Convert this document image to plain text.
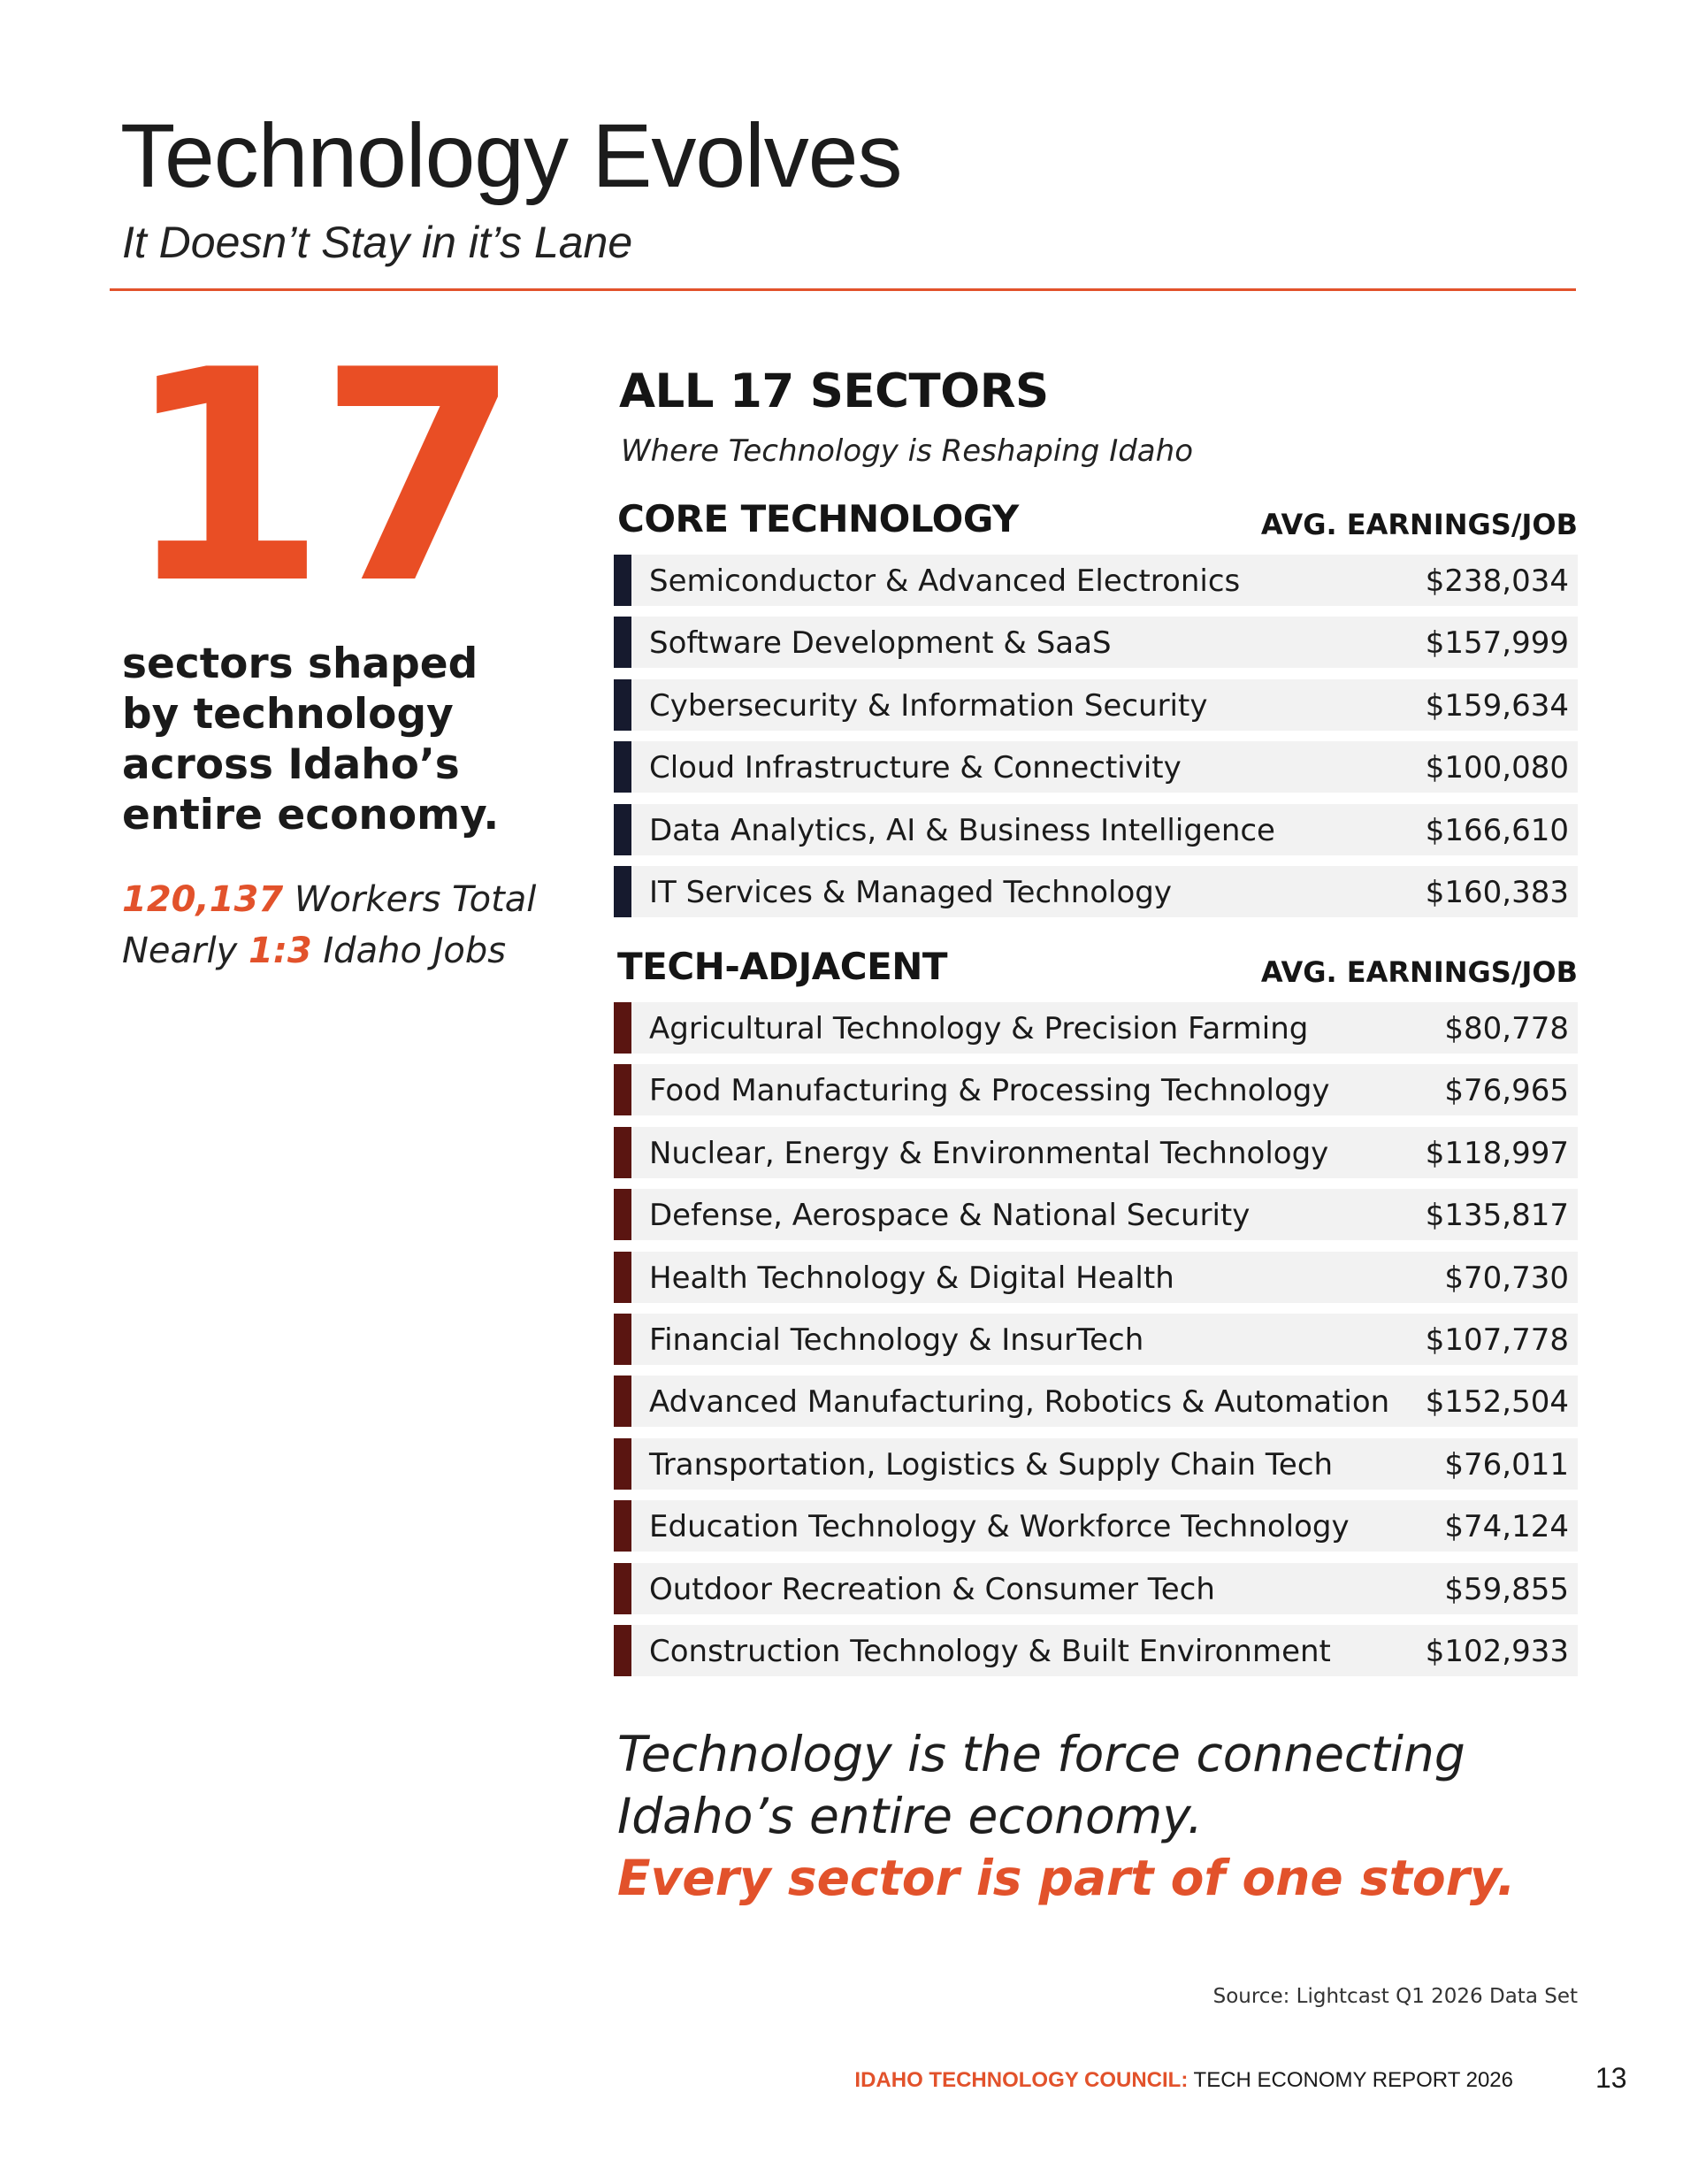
Technology Evolves
It Doesn’t Stay in it’s Lane
17
sectors shaped by technology across Idaho’s entire economy.
120,137 Workers Total
Nearly 1:3 Idaho Jobs
ALL 17 SECTORS
Where Technology is Reshaping Idaho
CORE TECHNOLOGY	AVG. EARNINGS/JOB
Semiconductor & Advanced Electronics	$238,034
Software Development & SaaS	$157,999
Cybersecurity & Information Security	$159,634
Cloud Infrastructure & Connectivity	$100,080
Data Analytics, AI & Business Intelligence	$166,610
IT Services & Managed Technology	$160,383
TECH-ADJACENT	AVG. EARNINGS/JOB
Agricultural Technology & Precision Farming	$80,778
Food Manufacturing & Processing Technology	$76,965
Nuclear, Energy & Environmental Technology	$118,997
Defense, Aerospace & National Security	$135,817
Health Technology & Digital Health	$70,730
Financial Technology & InsurTech	$107,778
Advanced Manufacturing, Robotics & Automation $152,504
Transportation, Logistics & Supply Chain Tech	$76,011
Education Technology & Workforce Technology	$74,124
Outdoor Recreation & Consumer Tech	$59,855
Construction Technology & Built Environment	$102,933
Technology is the force connecting
Idaho’s entire economy.
Every sector is part of one story.
Source: Lightcast Q1 2026 Data Set
IDAHO TECHNOLOGY COUNCIL: TECH ECONOMY REPORT 2026	13
